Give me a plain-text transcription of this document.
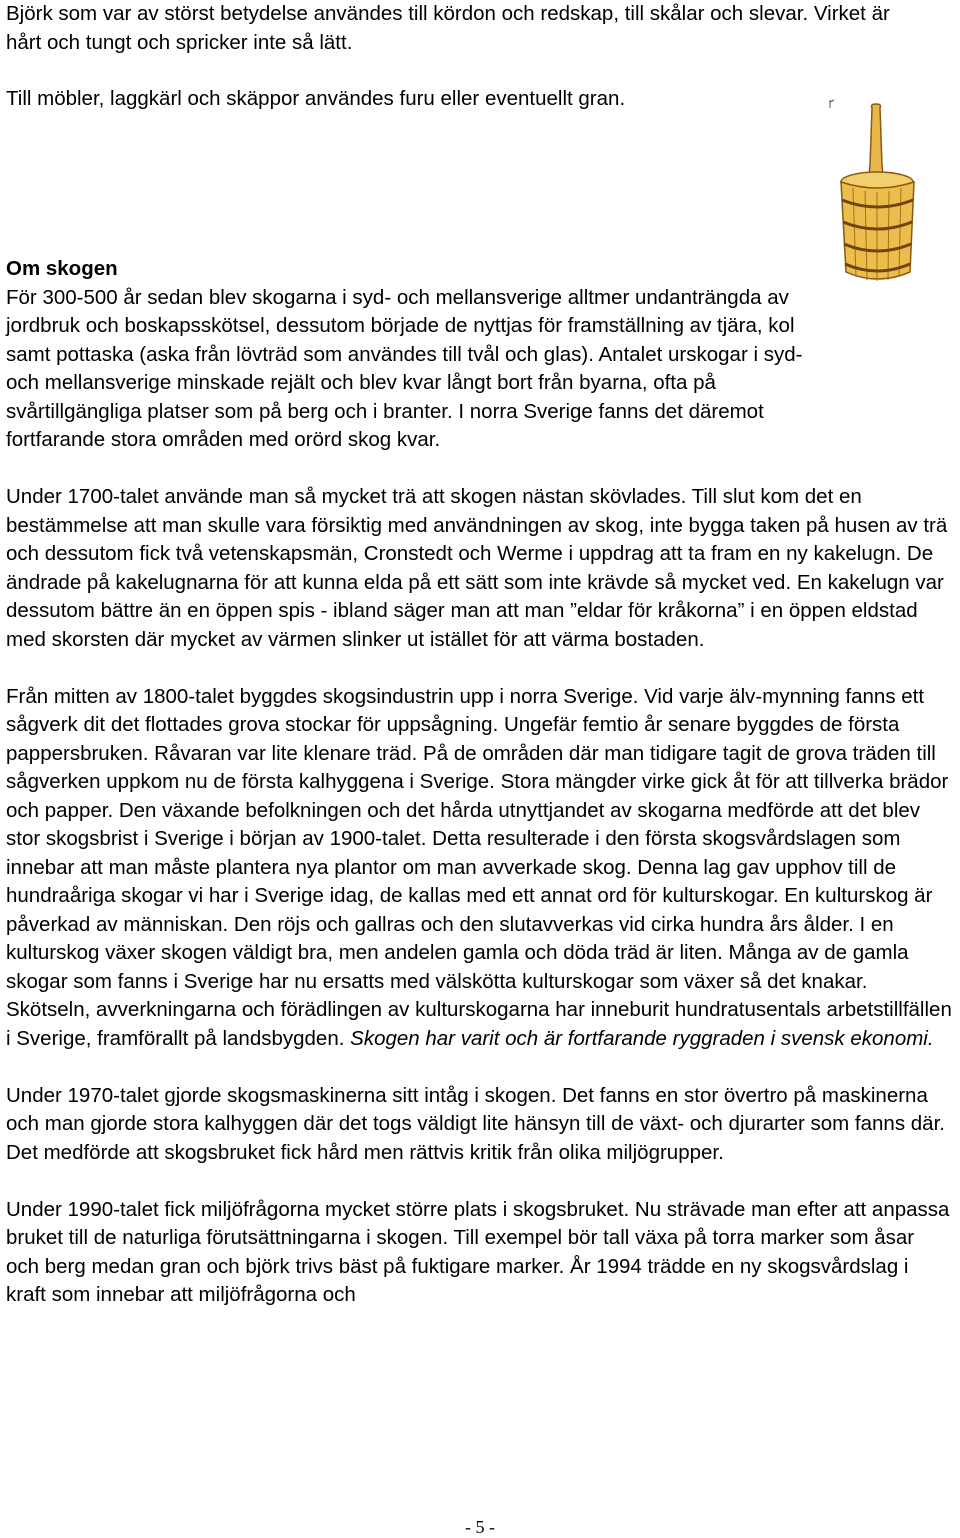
Björk som var av störst betydelse användes till kördon och redskap, till skålar och slevar. Virket är hårt och tungt och spricker inte så lätt.

Till möbler, laggkärl och skäppor användes furu eller eventuellt gran.

Om skogen

För 300-500 år sedan blev skogarna i syd- och mellansverige alltmer undanträngda av jordbruk och boskapsskötsel, dessutom började de nyttjas för framställning av tjära, kol samt pottaska (aska från lövträd som användes till tvål och glas). Antalet urskogar i syd- och mellansverige minskade rejält och blev kvar långt bort från byarna, ofta på svårtillgängliga platser som på berg och i branter. I norra Sverige fanns det däremot fortfarande stora områden med orörd skog kvar.

Under 1700-talet använde man så mycket trä att skogen nästan skövlades. Till slut kom det en bestämmelse att man skulle vara försiktig med användningen av skog, inte bygga taken på husen av trä och dessutom fick två vetenskapsmän, Cronstedt och Werme i uppdrag att ta fram en ny kakelugn. De ändrade på kakelugnarna för att kunna elda på ett sätt som inte krävde så mycket ved. En kakelugn var dessutom bättre än en öppen spis - ibland säger man att man ”eldar för kråkorna” i en öppen eldstad med skorsten där mycket av värmen slinker ut istället för att värma bostaden.

Från mitten av 1800-talet byggdes skogsindustrin upp i norra Sverige. Vid varje älv-mynning fanns ett sågverk dit det flottades grova stockar för uppsågning. Ungefär femtio år senare byggdes de första pappersbruken. Råvaran var lite klenare träd. På de områden där man tidigare tagit de grova träden till sågverken uppkom nu de första kalhyggena i Sverige. Stora mängder virke gick åt för att tillverka brädor och papper. Den växande befolkningen och det hårda utnyttjandet av skogarna medförde att det blev stor skogsbrist i Sverige i början av 1900-talet. Detta resulterade i den första skogsvårdslagen som innebar att man måste plantera nya plantor om man avverkade skog. Denna lag gav upphov till de hundraåriga skogar vi har i Sverige idag, de kallas med ett annat ord för kulturskogar. En kulturskog är påverkad av människan. Den röjs och gallras och den slutavverkas vid cirka hundra års ålder. I en kulturskog växer skogen väldigt bra, men andelen gamla och döda träd är liten. Många av de gamla skogar som fanns i Sverige har nu ersatts med välskötta kulturskogar som växer så det knakar. Skötseln, avverkningarna och förädlingen av kulturskogarna har inneburit hundratusentals arbetstillfällen i Sverige, framförallt på landsbygden. Skogen har varit och är fortfarande ryggraden i svensk ekonomi.

Under 1970-talet gjorde skogsmaskinerna sitt intåg i skogen. Det fanns en stor övertro på maskinerna och man gjorde stora kalhyggen där det togs väldigt lite hänsyn till de växt- och djurarter som fanns där. Det medförde att skogsbruket fick hård men rättvis kritik från olika miljögrupper.

Under 1990-talet fick miljöfrågorna mycket större plats i skogsbruket. Nu strävade man efter att anpassa bruket till de naturliga förutsättningarna i skogen. Till exempel bör tall växa på torra marker som åsar och berg medan gran och björk trivs bäst på fuktigare marker. År 1994 trädde en ny skogsvårdslag i kraft som innebar att miljöfrågorna och

- 5 -
